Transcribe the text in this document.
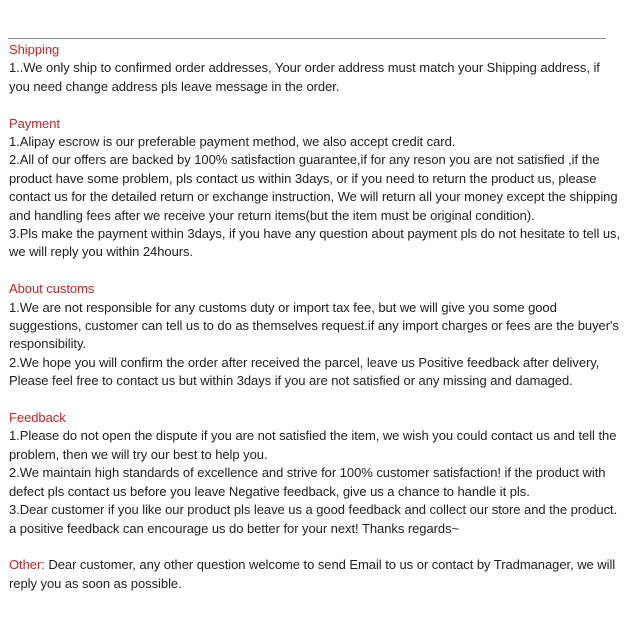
Shipping
1..We only ship to confirmed order addresses, Your order address must match your Shipping address, if you need change address pls leave message in the order.
Payment
1.Alipay escrow is our preferable payment method, we also accept credit card.
2.All of our offers are backed by 100% satisfaction guarantee,if for any reson you are not satisfied ,if the product have some problem, pls contact us within 3days, or if you need to return the product us, please contact us for the detailed return or exchange instruction, We will return all your money except the shipping and handling fees after we receive your return items(but the item must be original condition).
3.Pls make the payment within 3days, if you have any question about payment pls do not hesitate to tell us, we will reply you within 24hours.
About customs
1.We are not responsible for any customs duty or import tax fee, but we will give you some good suggestions, customer can tell us to do as themselves request.if any import charges or fees are the buyer's responsibility.
2.We hope you will confirm the order after received the parcel, leave us Positive feedback after delivery, Please feel free to contact us but within 3days if you are not satisfied or any missing and damaged.
Feedback
1.Please do not open the dispute if you are not satisfied the item, we wish you could contact us and tell the problem, then we will try our best to help you.
2.We maintain high standards of excellence and strive for 100% customer satisfaction! if the product with defect pls contact us before you leave Negative feedback, give us a chance to handle it pls.
3.Dear customer if you like our product pls leave us a good feedback and collect our store and the product. a positive feedback can encourage us do better for your next! Thanks regards~
Other: Dear customer, any other question welcome to send Email to us or contact by Tradmanager, we will reply you as soon as possible.
